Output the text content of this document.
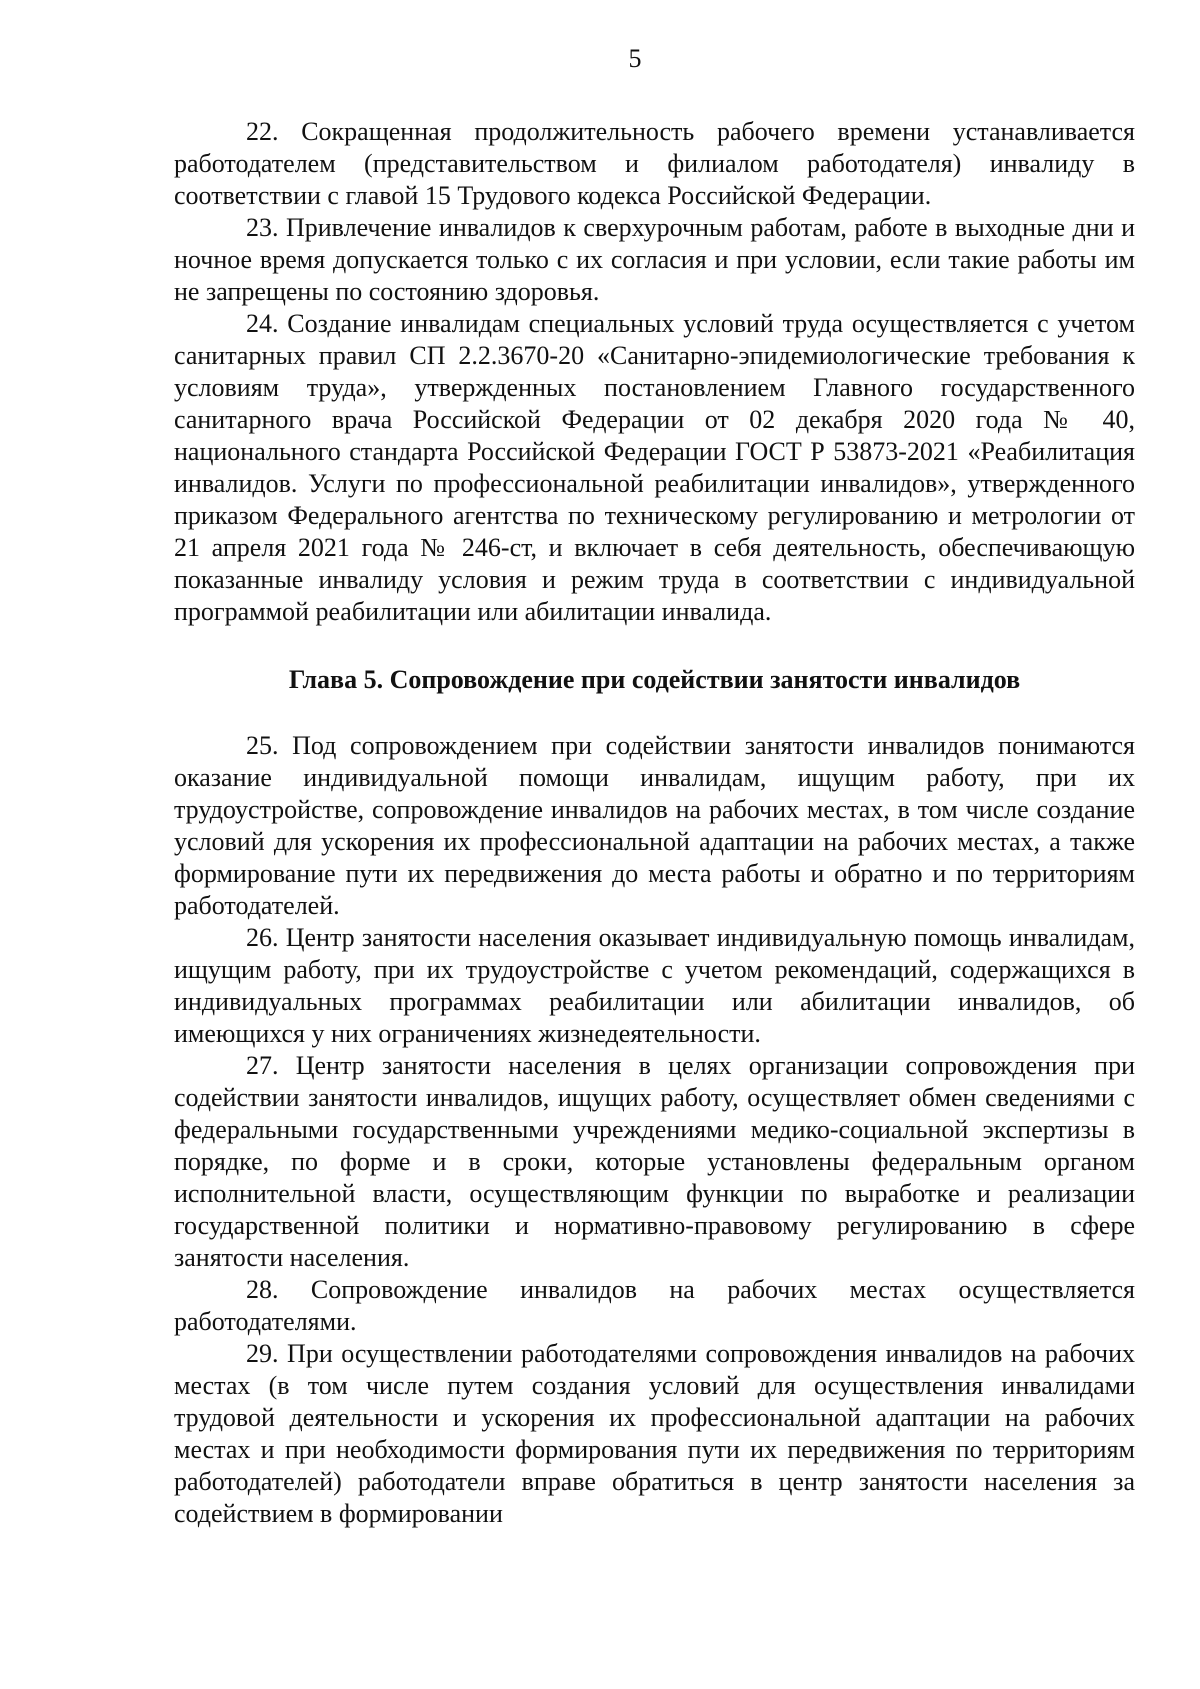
5

22. Сокращенная продолжительность рабочего времени устанавливается работодателем (представительством и филиалом работодателя) инвалиду в соответствии с главой 15 Трудового кодекса Российской Федерации.

23. Привлечение инвалидов к сверхурочным работам, работе в выходные дни и ночное время допускается только с их согласия и при условии, если такие работы им не запрещены по состоянию здоровья.

24. Создание инвалидам специальных условий труда осуществляется с учетом санитарных правил СП 2.2.3670-20 «Санитарно-эпидемиологические требования к условиям труда», утвержденных постановлением Главного государственного санитарного врача Российской Федерации от 02 декабря 2020 года № 40, национального стандарта Российской Федерации ГОСТ Р 53873-2021 «Реабилитация инвалидов. Услуги по профессиональной реабилитации инвалидов», утвержденного приказом Федерального агентства по техническому регулированию и метрологии от 21 апреля 2021 года № 246-ст, и включает в себя деятельность, обеспечивающую показанные инвалиду условия и режим труда в соответствии с индивидуальной программой реабилитации или абилитации инвалида.

Глава 5. Сопровождение при содействии занятости инвалидов

25. Под сопровождением при содействии занятости инвалидов понимаются оказание индивидуальной помощи инвалидам, ищущим работу, при их трудоустройстве, сопровождение инвалидов на рабочих местах, в том числе создание условий для ускорения их профессиональной адаптации на рабочих местах, а также формирование пути их передвижения до места работы и обратно и по территориям работодателей.

26. Центр занятости населения оказывает индивидуальную помощь инвалидам, ищущим работу, при их трудоустройстве с учетом рекомендаций, содержащихся в индивидуальных программах реабилитации или абилитации инвалидов, об имеющихся у них ограничениях жизнедеятельности.

27. Центр занятости населения в целях организации сопровождения при содействии занятости инвалидов, ищущих работу, осуществляет обмен сведениями с федеральными государственными учреждениями медико-социальной экспертизы в порядке, по форме и в сроки, которые установлены федеральным органом исполнительной власти, осуществляющим функции по выработке и реализации государственной политики и нормативно-правовому регулированию в сфере занятости населения.

28. Сопровождение инвалидов на рабочих местах осуществляется работодателями.

29. При осуществлении работодателями сопровождения инвалидов на рабочих местах (в том числе путем создания условий для осуществления инвалидами трудовой деятельности и ускорения их профессиональной адаптации на рабочих местах и при необходимости формирования пути их передвижения по территориям работодателей) работодатели вправе обратиться в центр занятости населения за содействием в формировании
